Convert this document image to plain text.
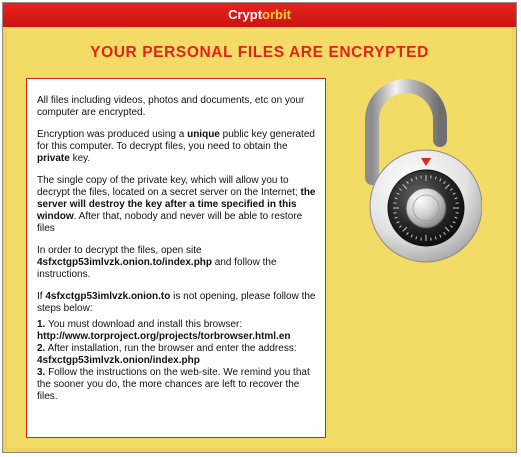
Cryptorbit
YOUR PERSONAL FILES ARE ENCRYPTED

All files including videos, photos and documents, etc on your computer are encrypted.

Encryption was produced using a unique public key generated for this computer. To decrypt files, you need to obtain the private key.

The single copy of the private key, which will allow you to decrypt the files, located on a secret server on the Internet; the server will destroy the key after a time specified in this window. After that, nobody and never will be able to restore files

In order to decrypt the files, open site
4sfxctgp53imlvzk.onion.to/index.php and follow the instructions.

If 4sfxctgp53imlvzk.onion.to is not opening, please follow the steps below:

1. You must download and install this browser:
http://www.torproject.org/projects/torbrowser.html.en
2. After installation, run the browser and enter the address:
4sfxctgp53imlvzk.onion/index.php
3. Follow the instructions on the web-site. We remind you that the sooner you do, the more chances are left to recover the files.
